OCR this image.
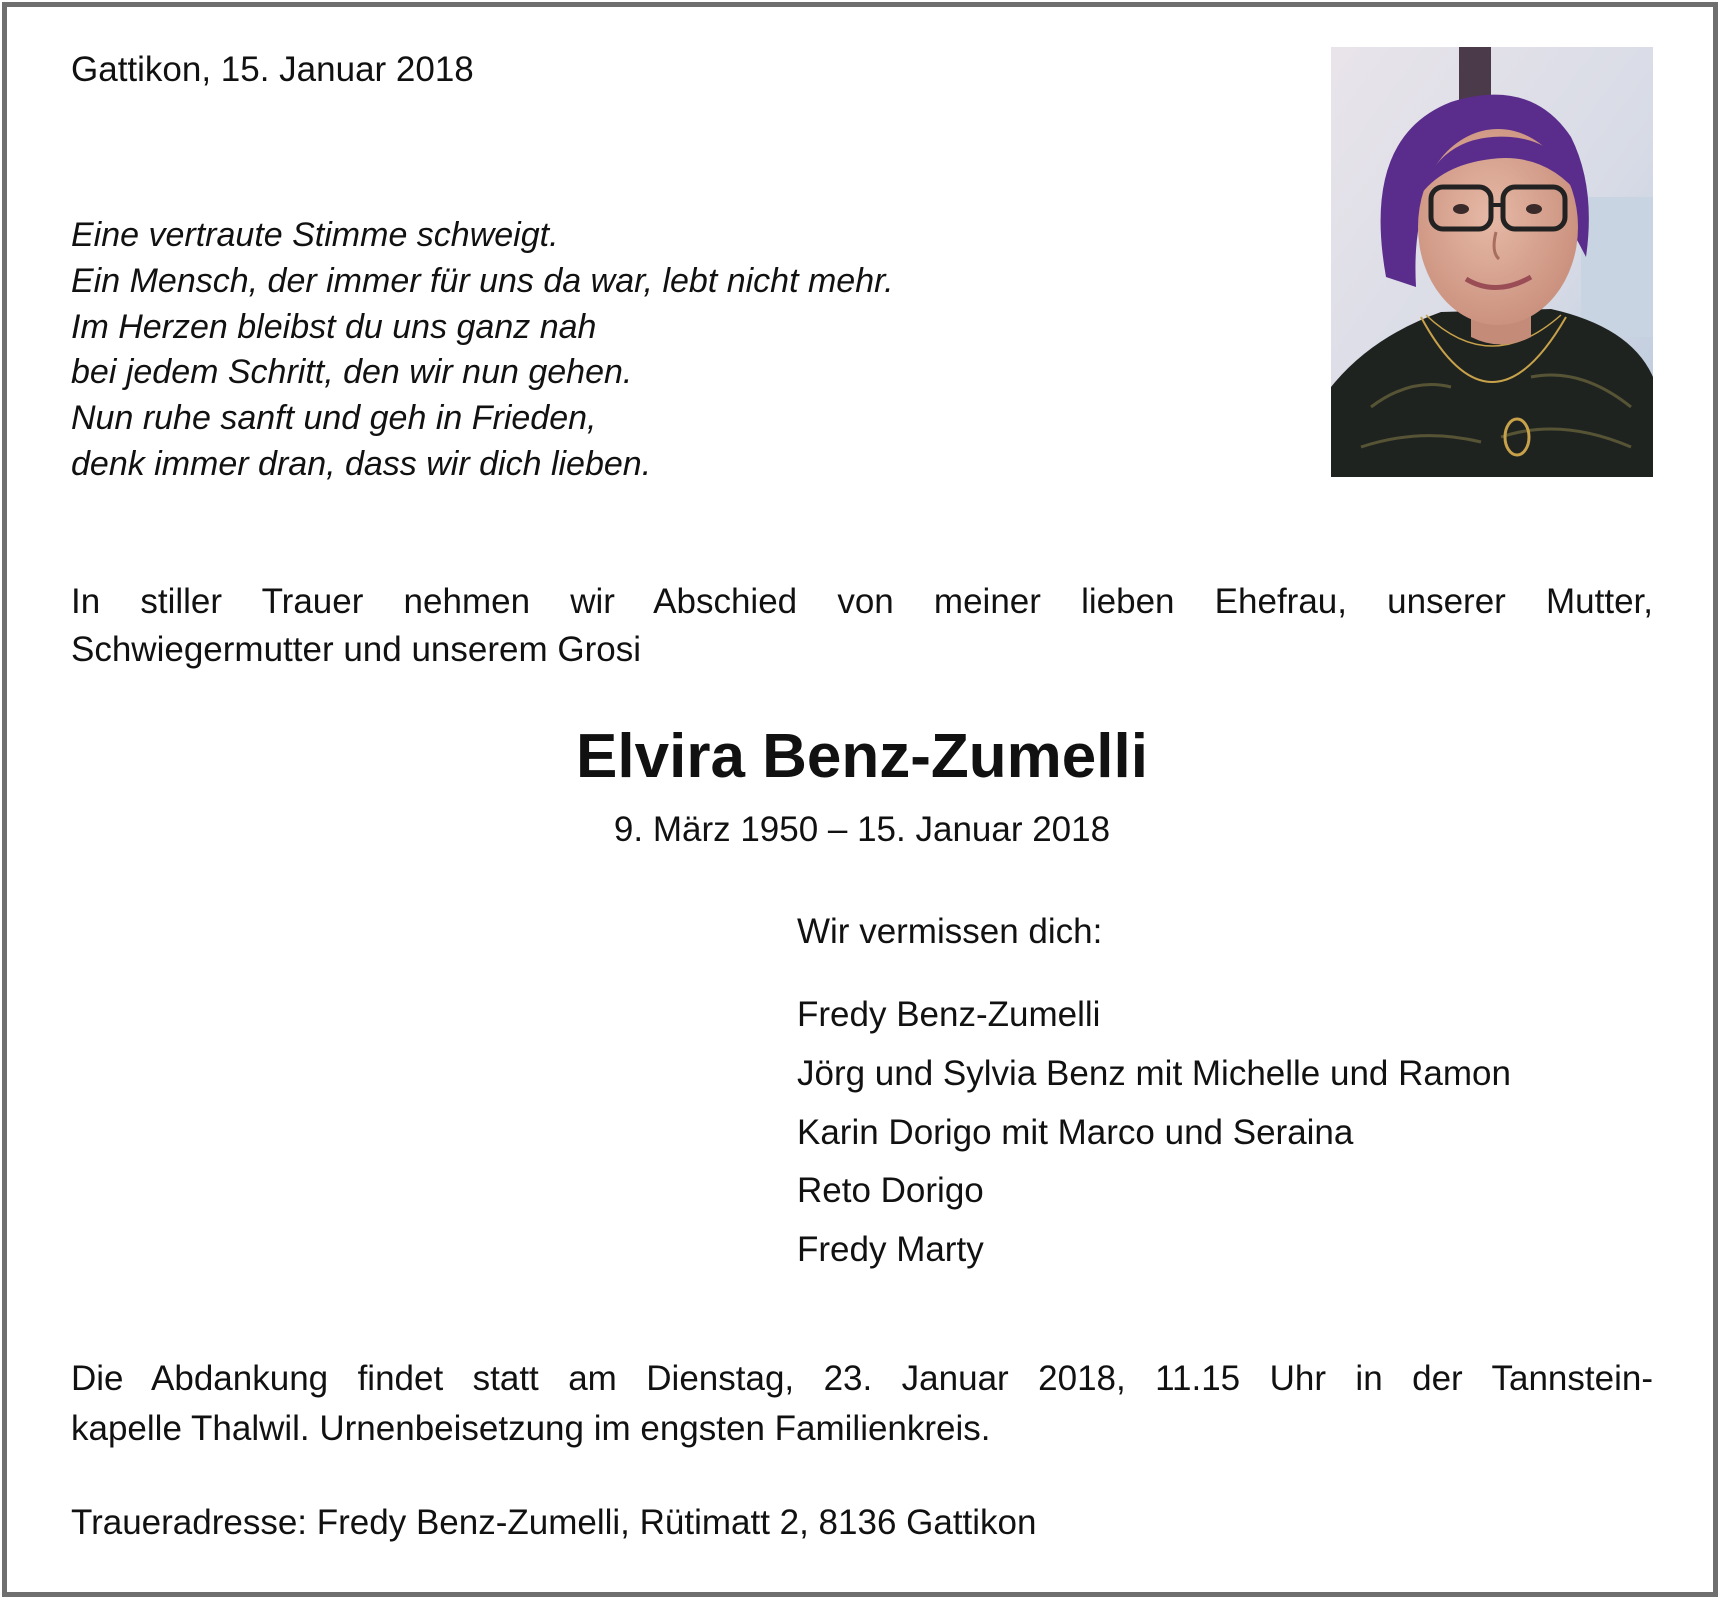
Gattikon, 15. Januar 2018

Eine vertraute Stimme schweigt.
Ein Mensch, der immer für uns da war, lebt nicht mehr.
Im Herzen bleibst du uns ganz nah
bei jedem Schritt, den wir nun gehen.
Nun ruhe sanft und geh in Frieden,
denk immer dran, dass wir dich lieben.
In stiller Trauer nehmen wir Abschied von meiner lieben Ehefrau, unserer Mutter,
Schwiegermutter und unserem Grosi

Elvira Benz-Zumelli

9. März 1950 – 15. Januar 2018

Wir vermissen dich:

Fredy Benz-Zumelli
Jörg und Sylvia Benz mit Michelle und Ramon
Karin Dorigo mit Marco und Seraina
Reto Dorigo
Fredy Marty
Die Abdankung findet statt am Dienstag, 23. Januar 2018, 11.15 Uhr in der Tannstein-
kapelle Thalwil. Urnenbeisetzung im engsten Familienkreis.

Traueradresse: Fredy Benz-Zumelli, Rütimatt 2, 8136 Gattikon
